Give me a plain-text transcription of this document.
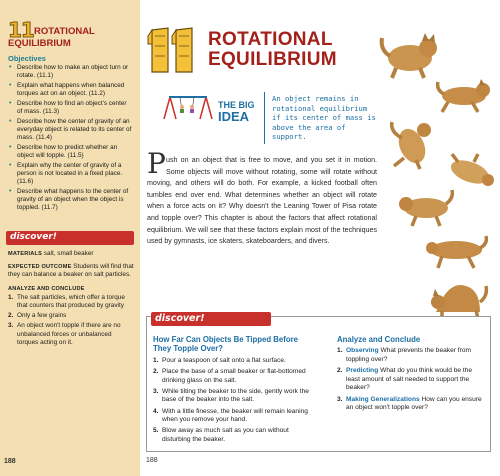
11 ROTATIONAL
EQUILIBRIUM
Objectives
• Describe how to make an object turn or rotate. (11.1)
• Explain what happens when balanced torques act on an object. (11.2)
• Describe how to find an object's center of mass. (11.3)
• Describe how the center of gravity of an everyday object is related to its center of mass. (11.4)
• Describe how to predict whether an object will topple. (11.5)
• Explain why the center of gravity of a person is not located in a fixed place. (11.6)
• Describe what happens to the center of gravity of an object when the object is toppled. (11.7)
discover!
MATERIALS salt, small beaker
EXPECTED OUTCOME Students will find that they can balance a beaker on salt particles.
ANALYZE AND CONCLUDE
1. The salt particles, which offer a torque that counters that produced by gravity
2. Only a few grains
3. An object won't topple if there are no unbalanced forces or unbalanced torques acting on it.
188
ROTATIONAL
EQUILIBRIUM
THE BIG
IDEA
An object remains in rotational equilibrium if its center of mass is above the area of support.
P ush on an object that is free to move, and you set it in motion. Some objects will move without rotating, some will rotate without moving, and others will do both. For example, a kicked football often tumbles end over end. What determines whether an object will rotate when a force acts on it? Why doesn't the Leaning Tower of Pisa rotate and topple over? This chapter is about the factors that affect rotational equilibrium. We will see that these factors explain most of the techniques used by gymnasts, ice skaters, skateboarders, and divers.
discover!
How Far Can Objects Be Tipped Before They Topple Over?
1. Pour a teaspoon of salt onto a flat surface.
2. Place the base of a small beaker or flat-bottomed drinking glass on the salt.
3. While tilting the beaker to the side, gently work the base of the beaker into the salt.
4. With a little finesse, the beaker will remain leaning when you remove your hand.
5. Blow away as much salt as you can without disturbing the beaker.
Analyze and Conclude
1. Observing What prevents the beaker from toppling over?
2. Predicting What do you think would be the least amount of salt needed to support the beaker?
3. Making Generalizations How can you ensure an object won't topple over?
188
